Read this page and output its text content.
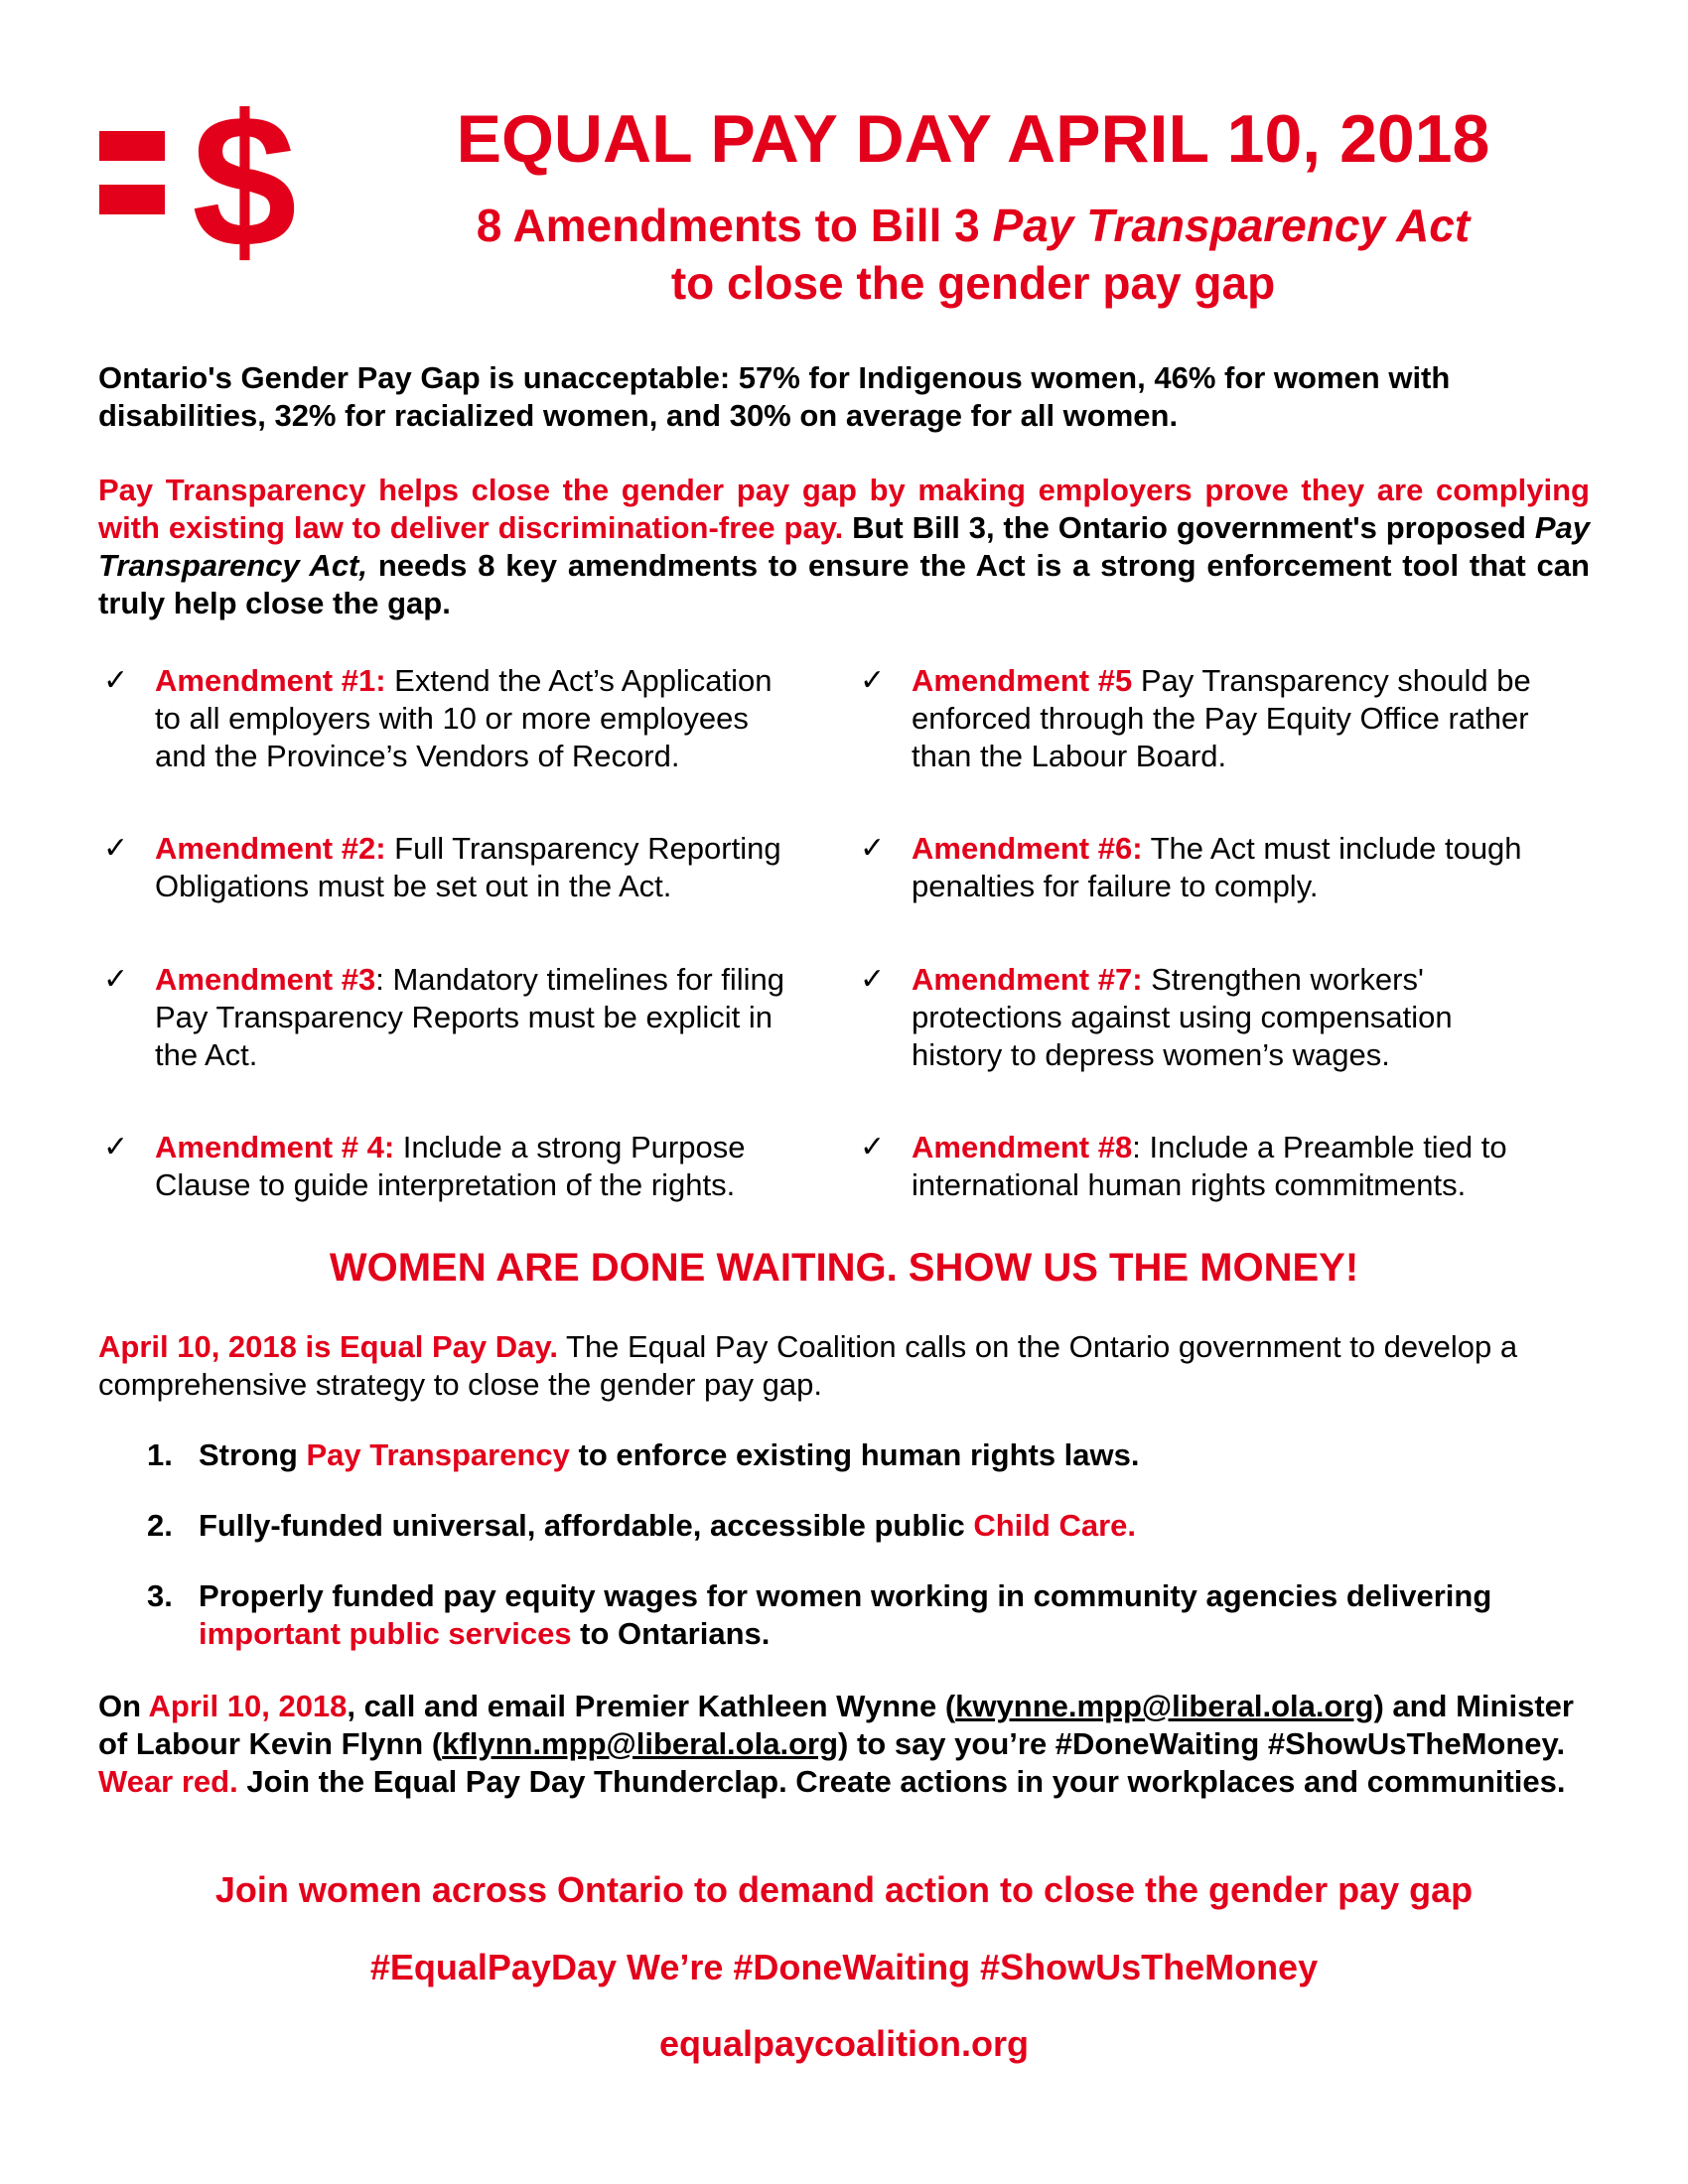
$	EQUAL PAY DAY APRIL 10, 2018
8 Amendments to Bill 3 Pay Transparency Act
to close the gender pay gap
Ontario's Gender Pay Gap is unacceptable: 57% for Indigenous women, 46% for women with disabilities, 32% for racialized women, and 30% on average for all women.
Pay Transparency helps close the gender pay gap by making employers prove they are complying with existing law to deliver discrimination-free pay. But Bill 3, the Ontario government's proposed Pay Transparency Act, needs 8 key amendments to ensure the Act is a strong enforcement tool that can truly help close the gap.
✓ Amendment #1: Extend the Act’s Application to all employers with 10 or more employees and the Province’s Vendors of Record.
✓ Amendment #5 Pay Transparency should be enforced through the Pay Equity Office rather than the Labour Board.
✓ Amendment #2: Full Transparency Reporting Obligations must be set out in the Act.
✓ Amendment #6: The Act must include tough penalties for failure to comply.
✓ Amendment #3: Mandatory timelines for filing Pay Transparency Reports must be explicit in the Act.
✓ Amendment #7: Strengthen workers' protections against using compensation history to depress women’s wages.
✓ Amendment # 4: Include a strong Purpose Clause to guide interpretation of the rights.
✓ Amendment #8: Include a Preamble tied to international human rights commitments.
WOMEN ARE DONE WAITING. SHOW US THE MONEY!
April 10, 2018 is Equal Pay Day. The Equal Pay Coalition calls on the Ontario government to develop a comprehensive strategy to close the gender pay gap.
1. Strong Pay Transparency to enforce existing human rights laws.
2. Fully-funded universal, affordable, accessible public Child Care.
3. Properly funded pay equity wages for women working in community agencies delivering important public services to Ontarians.
On April 10, 2018, call and email Premier Kathleen Wynne (kwynne.mpp@liberal.ola.org) and Minister of Labour Kevin Flynn (kflynn.mpp@liberal.ola.org) to say you’re #DoneWaiting #ShowUsTheMoney. Wear red. Join the Equal Pay Day Thunderclap. Create actions in your workplaces and communities.
Join women across Ontario to demand action to close the gender pay gap
#EqualPayDay We’re #DoneWaiting #ShowUsTheMoney
equalpaycoalition.org
